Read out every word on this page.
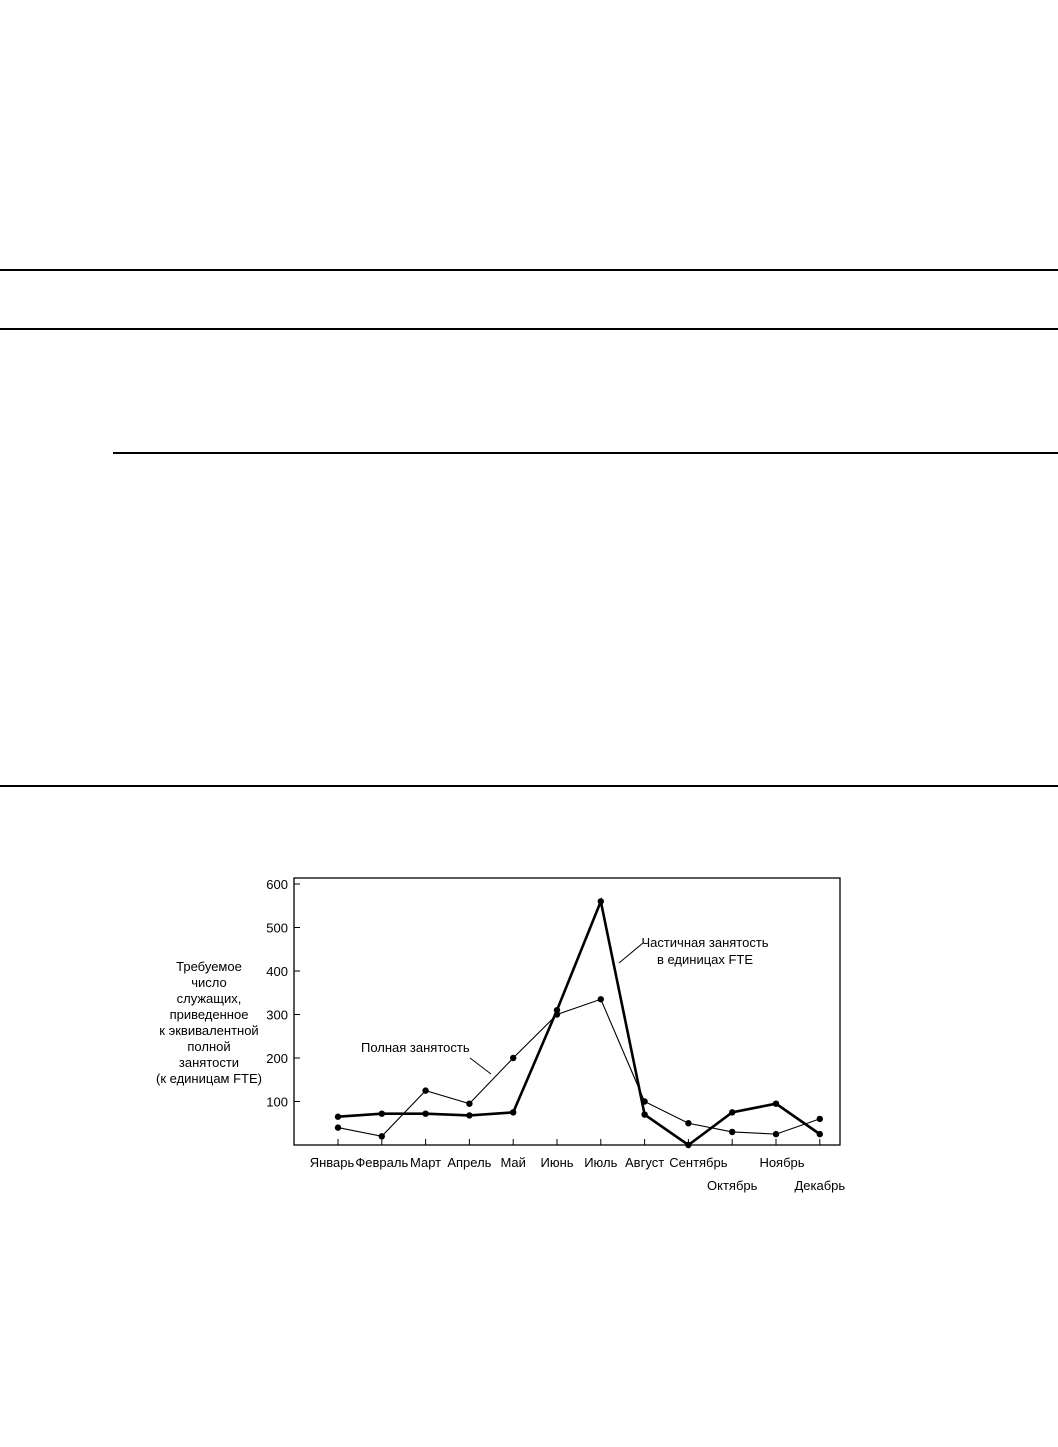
100
200
300
400
500
600
Январь Февраль Март Апрель Май Июнь Июль Август Сентябрь
Октябрь
Ноябрь
Декабрь
Полная занятость
Частичная занятость в единицах FTE
Требуемое число служащих, приведенное к эквивалентной полной занятости (к единицам FTE)
